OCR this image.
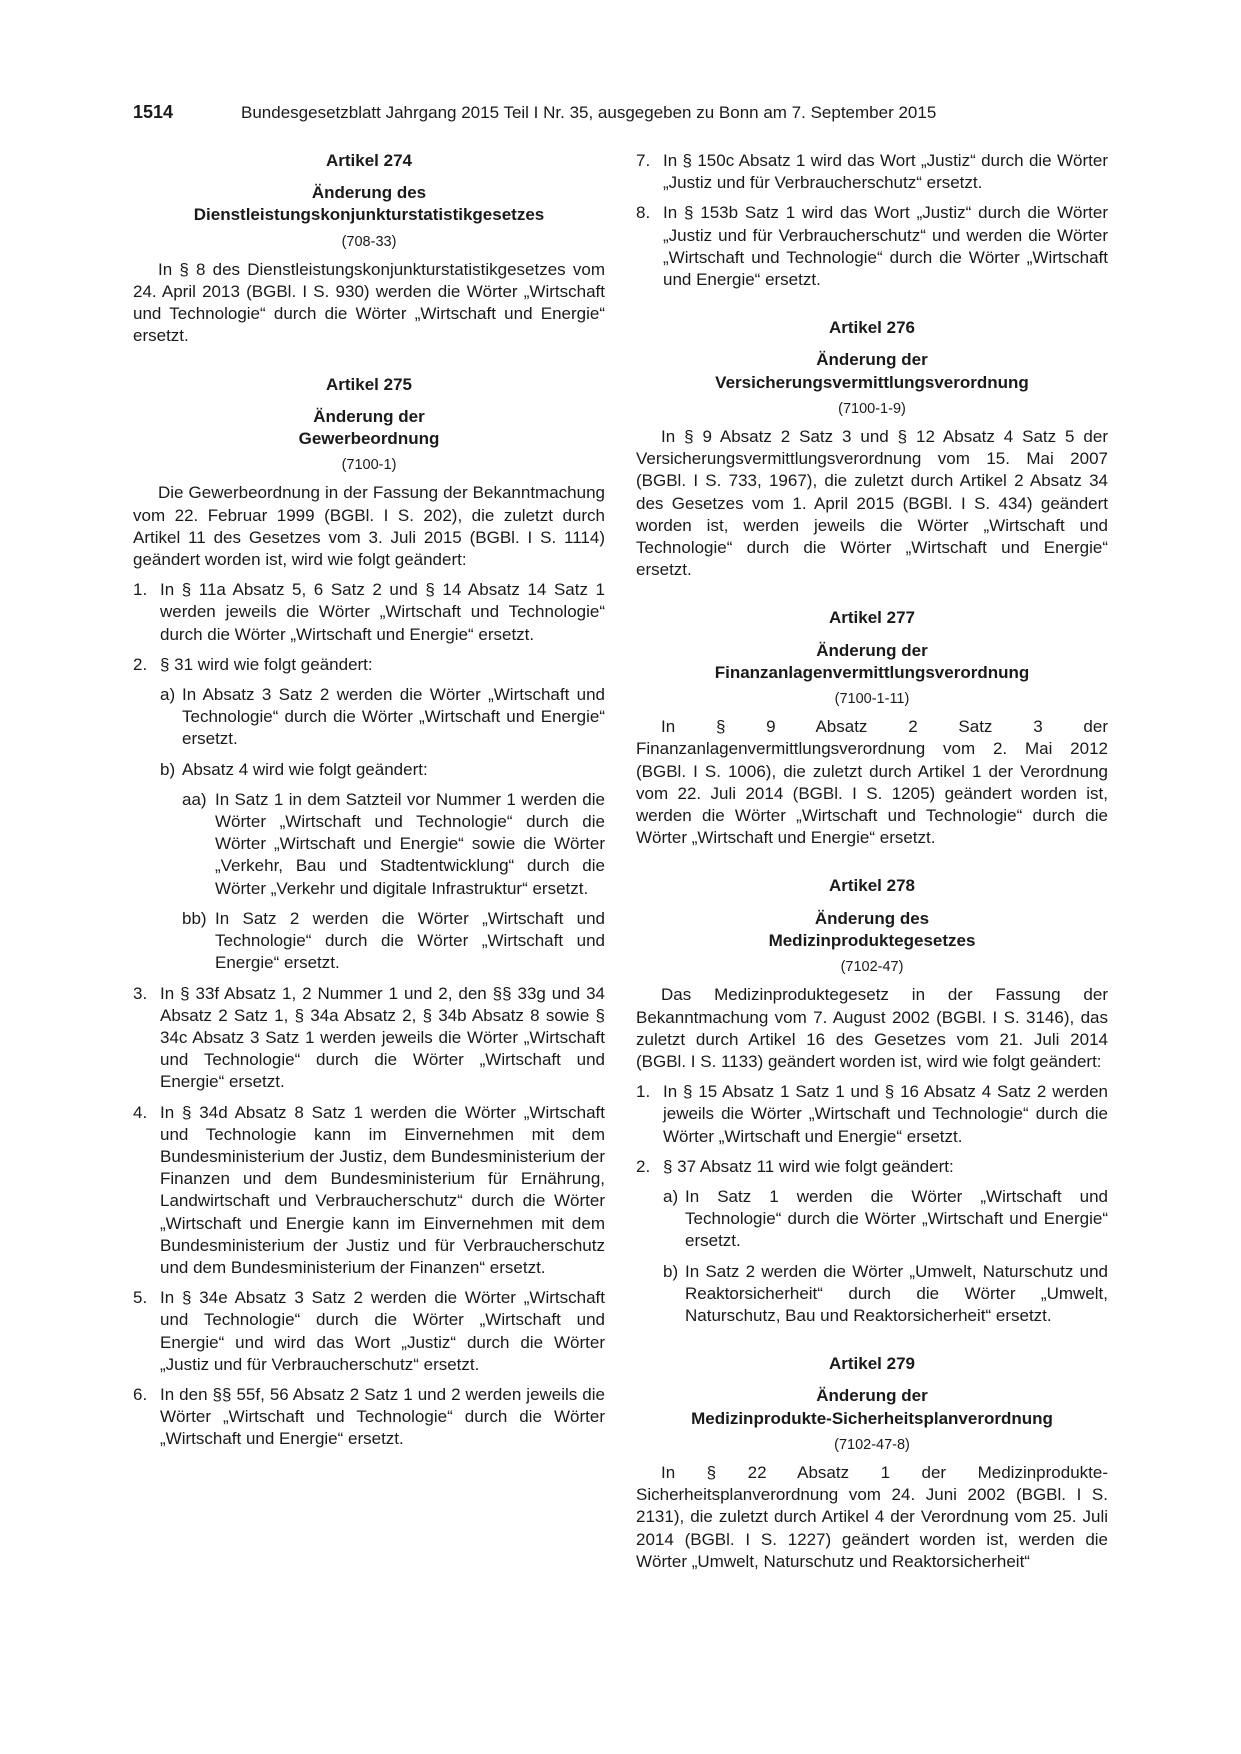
1514	Bundesgesetzblatt Jahrgang 2015 Teil I Nr. 35, ausgegeben zu Bonn am 7. September 2015

Artikel 274

Änderung des

Dienstleistungskonjunkturstatistikgesetzes

(708-33)

In § 8 des Dienstleistungskonjunkturstatistikgesetzes vom 24. April 2013 (BGBl. I S. 930) werden die Wörter „Wirtschaft und Technologie“ durch die Wörter „Wirtschaft und Energie“ ersetzt.

Artikel 275

Änderung der

Gewerbeordnung

(7100-1)

Die Gewerbeordnung in der Fassung der Bekanntmachung vom 22. Februar 1999 (BGBl. I S. 202), die zuletzt durch Artikel 11 des Gesetzes vom 3. Juli 2015 (BGBl. I S. 1114) geändert worden ist, wird wie folgt geändert:

1. In § 11a Absatz 5, 6 Satz 2 und § 14 Absatz 14 Satz 1 werden jeweils die Wörter „Wirtschaft und Technologie“ durch die Wörter „Wirtschaft und Energie“ ersetzt.
2. § 31 wird wie folgt geändert:
a) In Absatz 3 Satz 2 werden die Wörter „Wirtschaft und Technologie“ durch die Wörter „Wirtschaft und Energie“ ersetzt.
b) Absatz 4 wird wie folgt geändert:
aa) In Satz 1 in dem Satzteil vor Nummer 1 werden die Wörter „Wirtschaft und Technologie“ durch die Wörter „Wirtschaft und Energie“ sowie die Wörter „Verkehr, Bau und Stadtentwicklung“ durch die Wörter „Verkehr und digitale Infrastruktur“ ersetzt.
bb) In Satz 2 werden die Wörter „Wirtschaft und Technologie“ durch die Wörter „Wirtschaft und Energie“ ersetzt.
3. In § 33f Absatz 1, 2 Nummer 1 und 2, den §§ 33g und 34 Absatz 2 Satz 1, § 34a Absatz 2, § 34b Absatz 8 sowie § 34c Absatz 3 Satz 1 werden jeweils die Wörter „Wirtschaft und Technologie“ durch die Wörter „Wirtschaft und Energie“ ersetzt.
4. In § 34d Absatz 8 Satz 1 werden die Wörter „Wirtschaft und Technologie kann im Einvernehmen mit dem Bundesministerium der Justiz, dem Bundesministerium der Finanzen und dem Bundesministerium für Ernährung, Landwirtschaft und Verbraucherschutz“ durch die Wörter „Wirtschaft und Energie kann im Einvernehmen mit dem Bundesministerium der Justiz und für Verbraucherschutz und dem Bundesministerium der Finanzen“ ersetzt.
5. In § 34e Absatz 3 Satz 2 werden die Wörter „Wirtschaft und Technologie“ durch die Wörter „Wirtschaft und Energie“ und wird das Wort „Justiz“ durch die Wörter „Justiz und für Verbraucherschutz“ ersetzt.
6. In den §§ 55f, 56 Absatz 2 Satz 1 und 2 werden jeweils die Wörter „Wirtschaft und Technologie“ durch die Wörter „Wirtschaft und Energie“ ersetzt.
7. In § 150c Absatz 1 wird das Wort „Justiz“ durch die Wörter „Justiz und für Verbraucherschutz“ ersetzt.
8. In § 153b Satz 1 wird das Wort „Justiz“ durch die Wörter „Justiz und für Verbraucherschutz“ und werden die Wörter „Wirtschaft und Technologie“ durch die Wörter „Wirtschaft und Energie“ ersetzt.

Artikel 276

Änderung der

Versicherungsvermittlungsverordnung

(7100-1-9)

In § 9 Absatz 2 Satz 3 und § 12 Absatz 4 Satz 5 der Versicherungsvermittlungsverordnung vom 15. Mai 2007 (BGBl. I S. 733, 1967), die zuletzt durch Artikel 2 Absatz 34 des Gesetzes vom 1. April 2015 (BGBl. I S. 434) geändert worden ist, werden jeweils die Wörter „Wirtschaft und Technologie“ durch die Wörter „Wirtschaft und Energie“ ersetzt.

Artikel 277

Änderung der

Finanzanlagenvermittlungsverordnung

(7100-1-11)

In § 9 Absatz 2 Satz 3 der Finanzanlagenvermittlungsverordnung vom 2. Mai 2012 (BGBl. I S. 1006), die zuletzt durch Artikel 1 der Verordnung vom 22. Juli 2014 (BGBl. I S. 1205) geändert worden ist, werden die Wörter „Wirtschaft und Technologie“ durch die Wörter „Wirtschaft und Energie“ ersetzt.

Artikel 278

Änderung des

Medizinproduktegesetzes

(7102-47)

Das Medizinproduktegesetz in der Fassung der Bekanntmachung vom 7. August 2002 (BGBl. I S. 3146), das zuletzt durch Artikel 16 des Gesetzes vom 21. Juli 2014 (BGBl. I S. 1133) geändert worden ist, wird wie folgt geändert:

1. In § 15 Absatz 1 Satz 1 und § 16 Absatz 4 Satz 2 werden jeweils die Wörter „Wirtschaft und Technologie“ durch die Wörter „Wirtschaft und Energie“ ersetzt.
2. § 37 Absatz 11 wird wie folgt geändert:
a) In Satz 1 werden die Wörter „Wirtschaft und Technologie“ durch die Wörter „Wirtschaft und Energie“ ersetzt.
b) In Satz 2 werden die Wörter „Umwelt, Naturschutz und Reaktorsicherheit“ durch die Wörter „Umwelt, Naturschutz, Bau und Reaktorsicherheit“ ersetzt.

Artikel 279

Änderung der

Medizinprodukte-Sicherheitsplanverordnung

(7102-47-8)

In § 22 Absatz 1 der Medizinprodukte-Sicherheitsplanverordnung vom 24. Juni 2002 (BGBl. I S. 2131), die zuletzt durch Artikel 4 der Verordnung vom 25. Juli 2014 (BGBl. I S. 1227) geändert worden ist, werden die Wörter „Umwelt, Naturschutz und Reaktorsicherheit“
